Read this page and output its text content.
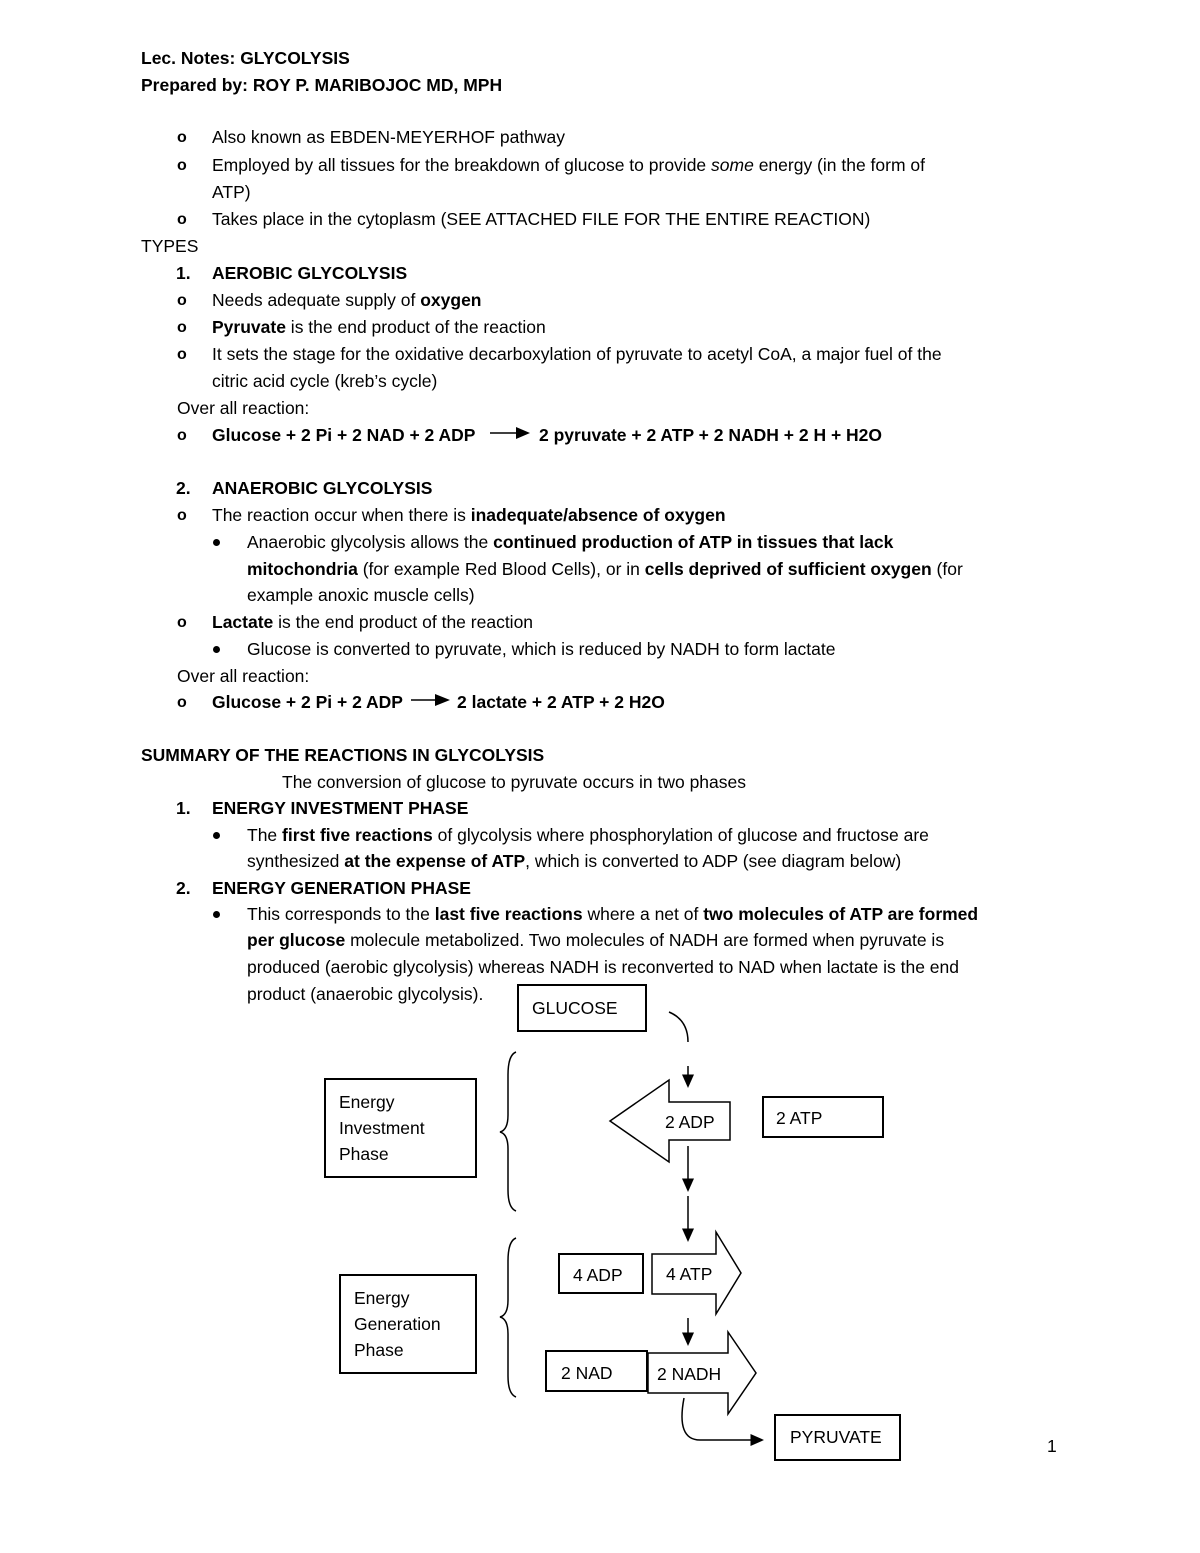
Lec. Notes: GLYCOLYSIS
Prepared by: ROY P. MARIBOJOC MD, MPH
o Also known as EBDEN-MEYERHOF pathway
o Employed by all tissues for the breakdown of glucose to provide some energy (in the form of
ATP)
o Takes place in the cytoplasm (SEE ATTACHED FILE FOR THE ENTIRE REACTION)
TYPES
1. AEROBIC GLYCOLYSIS
o Needs adequate supply of oxygen
o Pyruvate is the end product of the reaction
o It sets the stage for the oxidative decarboxylation of pyruvate to acetyl CoA, a major fuel of the
citric acid cycle (kreb’s cycle)
Over all reaction:
o Glucose + 2 Pi + 2 NAD + 2 ADP	2 pyruvate + 2 ATP + 2 NADH + 2 H + H2O
2. ANAEROBIC GLYCOLYSIS
o The reaction occur when there is inadequate/absence of oxygen
Anaerobic glycolysis allows the continued production of ATP in tissues that lack
mitochondria (for example Red Blood Cells), or in cells deprived of sufficient oxygen (for
example anoxic muscle cells)
o Lactate is the end product of the reaction
Glucose is converted to pyruvate, which is reduced by NADH to form lactate
Over all reaction:
o Glucose + 2 Pi + 2 ADP	2 lactate + 2 ATP + 2 H2O
SUMMARY OF THE REACTIONS IN GLYCOLYSIS
The conversion of glucose to pyruvate occurs in two phases
1. ENERGY INVESTMENT PHASE
The first five reactions of glycolysis where phosphorylation of glucose and fructose are
synthesized at the expense of ATP, which is converted to ADP (see diagram below)
2. ENERGY GENERATION PHASE
This corresponds to the last five reactions where a net of two molecules of ATP are formed
per glucose molecule metabolized. Two molecules of NADH are formed when pyruvate is
produced (aerobic glycolysis) whereas NADH is reconverted to NAD when lactate is the end
product (anaerobic glycolysis).
2 ADP
4 ATP
2 NADH
GLUCOSE
Energy
Investment
Phase
2 ATP
Energy
Generation
Phase
4 ADP
2 NAD
PYRUVATE	1
